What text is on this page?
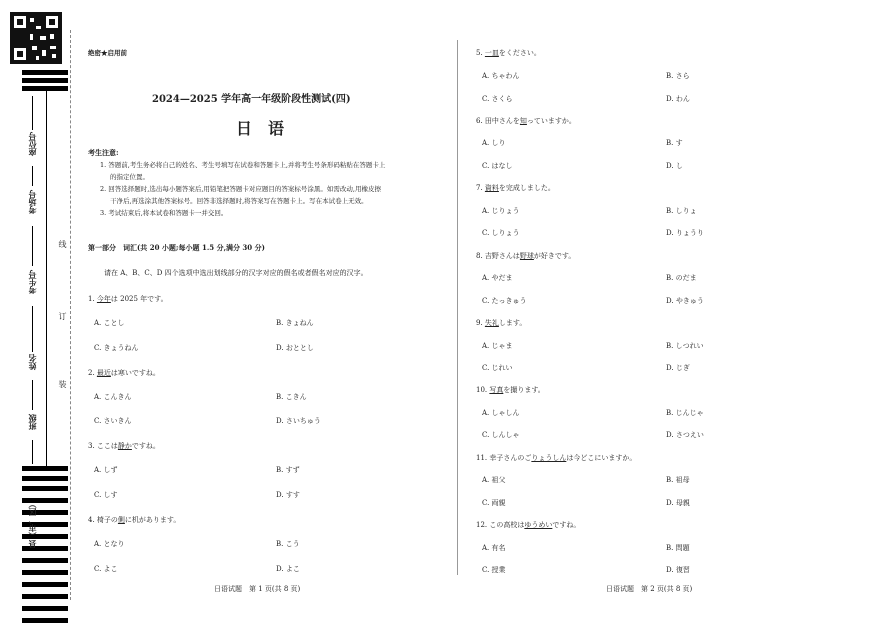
座位号
考场号
考生号
姓名
班级
县（市、区）
线
订
装
绝密★启用前
2024—2025 学年高一年级阶段性测试(四)
日　语
考生注意:
1. 答题前,考生务必将自己的姓名、考生号填写在试卷和答题卡上,并将考生号条形码粘贴在答题卡上
的指定位置。
2. 回答选择题时,选出每小题答案后,用铅笔把答题卡对应题目的答案标号涂黑。如需改动,用橡皮擦
干净后,再选涂其他答案标号。回答非选择题时,将答案写在答题卡上。写在本试卷上无效。
3. 考试结束后,将本试卷和答题卡一并交回。
第一部分　词汇(共 20 小题;每小题 1.5 分,满分 30 分)
请在 A、B、C、D 四个选项中选出划线部分的汉字对应的假名或者假名对应的汉字。
1. 今年は 2025 年です。
A. ことし	B. きょねん
C. きょうねん	D. おととし
2. 最近は寒いですね。
A. こんきん	B. こきん
C. さいきん	D. さいちゅう
3. ここは静かですね。
A. しず	B. すず
C. しす	D. すす
4. 椅子の側に机があります。
A. となり	B. こう
C. よこ	D. よこ
日语试题　第 1 页(共 8 页)
5. 一皿をください。
A. ちゃわん	B. さら
C. さくら	D. わん
6. 田中さんを知っていますか。
A. しり	B. す
C. はなし	D. し
7. 資料を完成しました。
A. じりょう	B. しりょ
C. しりょう	D. りょうり
8. 吉野さんは野球が好きです。
A. やだま	B. のだま
C. たっきゅう	D. やきゅう
9. 失礼します。
A. じゃま	B. しつれい
C. じれい	D. じぎ
10. 写真を撮ります。
A. しゃしん	B. じんじゃ
C. しんしゃ	D. さつえい
11. 幸子さんのごりょうしんは今どこにいますか。
A. 祖父	B. 祖母
C. 両親	D. 母親
12. この高校はゆうめいですね。
A. 有名	B. 問題
C. 授業	D. 復習
日语试题　第 2 页(共 8 页)
